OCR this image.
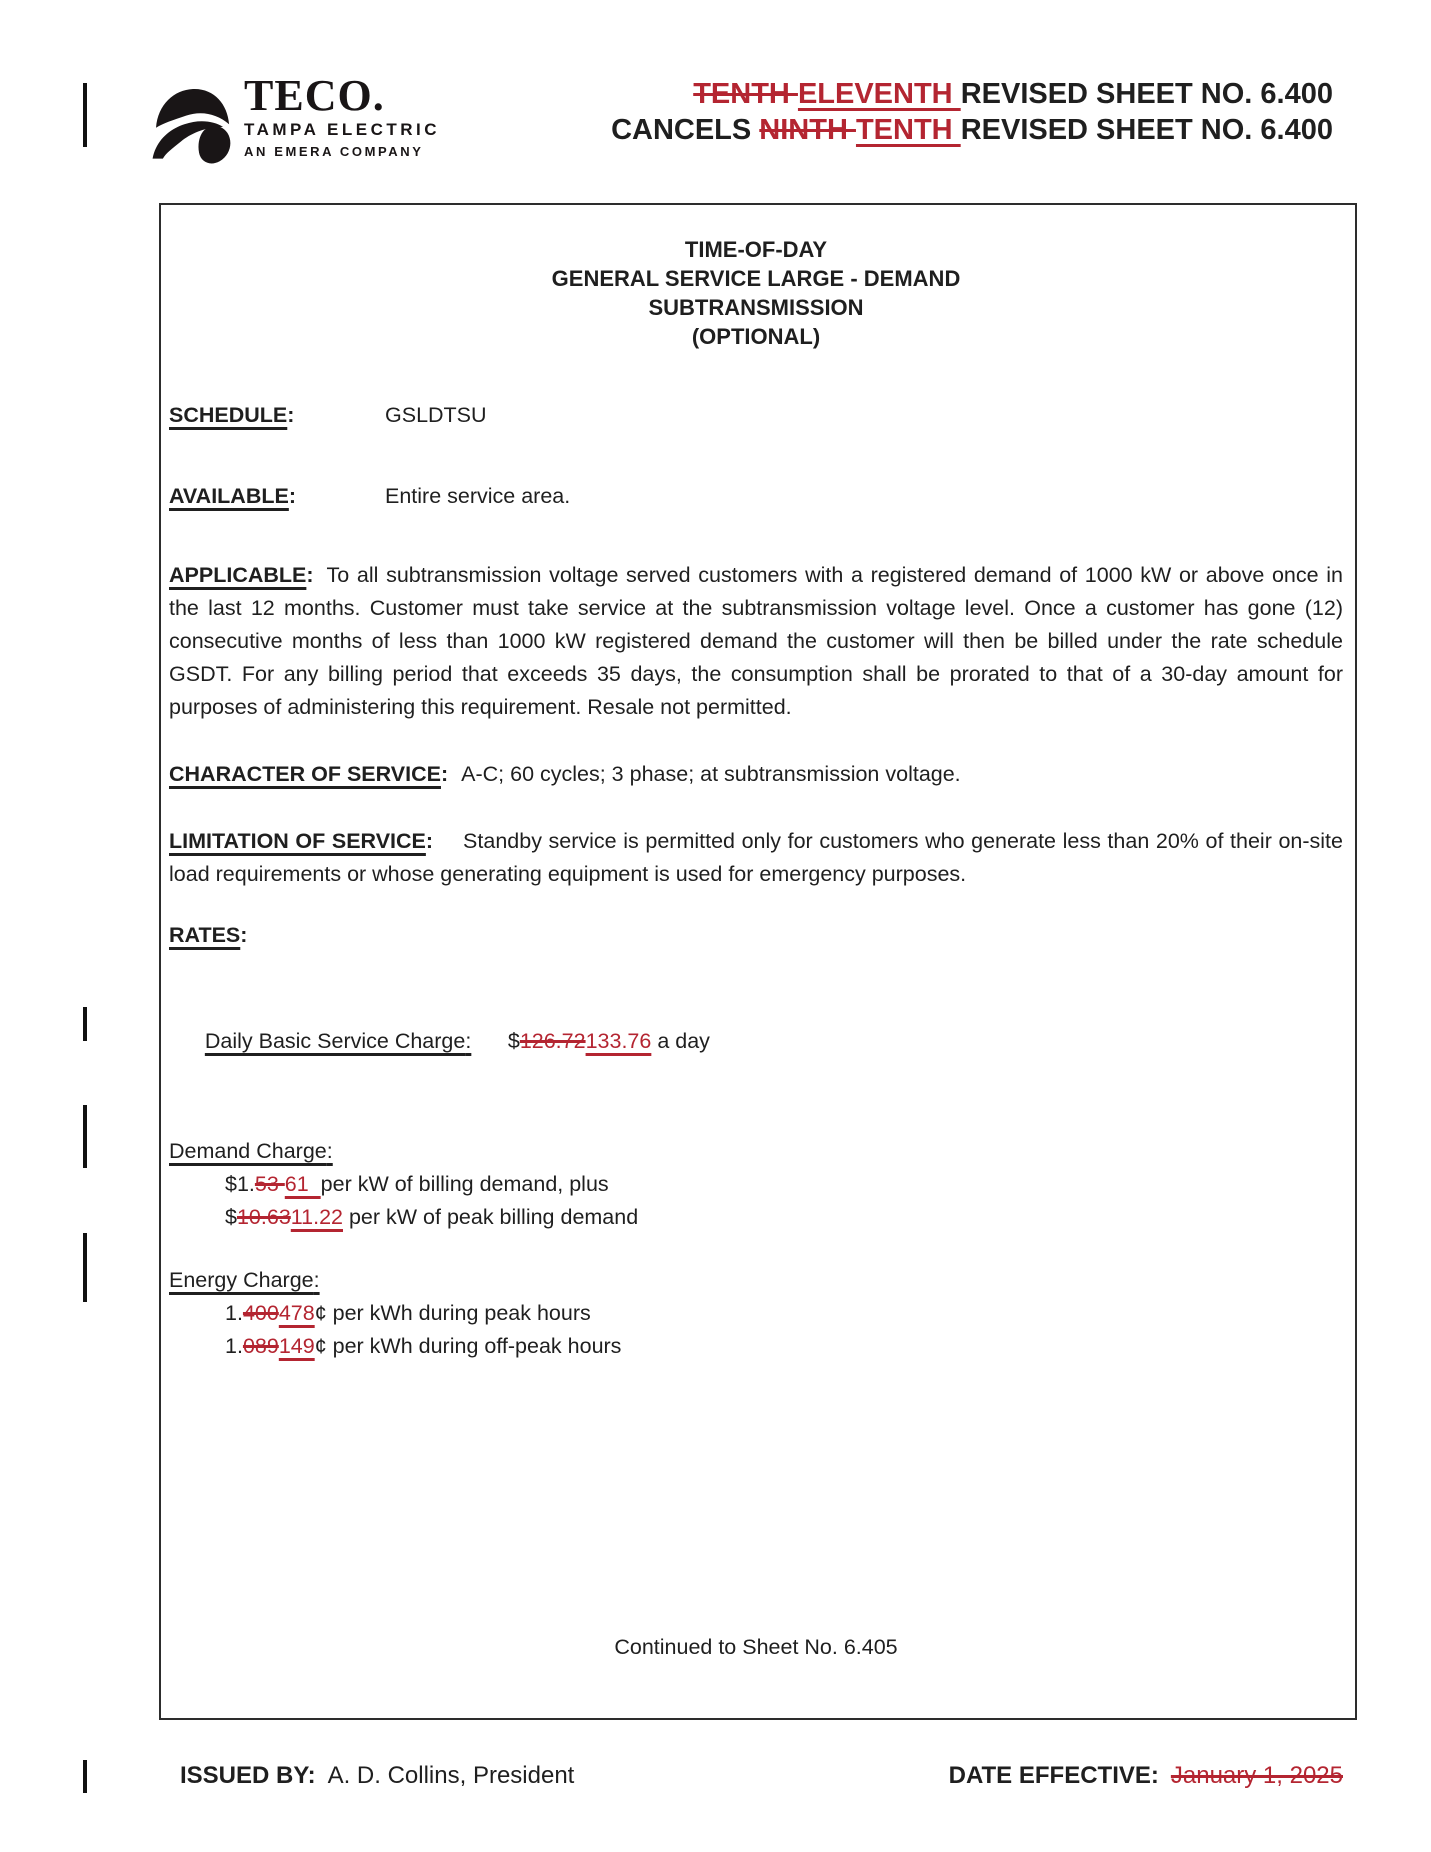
TECO.
TAMPA ELECTRIC
AN EMERA COMPANY
TENTH ELEVENTH REVISED SHEET NO. 6.400
CANCELS NINTH TENTH REVISED SHEET NO. 6.400
TIME-OF-DAY
GENERAL SERVICE LARGE - DEMAND
SUBTRANSMISSION
(OPTIONAL)
SCHEDULE:	GSLDTSU
AVAILABLE:	Entire service area.
APPLICABLE: To all subtransmission voltage served customers with a registered demand of 1000 kW or above once in the last 12 months. Customer must take service at the subtransmission voltage level. Once a customer has gone (12) consecutive months of less than 1000 kW registered demand the customer will then be billed under the rate schedule GSDT. For any billing period that exceeds 35 days, the consumption shall be prorated to that of a 30-day amount for purposes of administering this requirement. Resale not permitted.
CHARACTER OF SERVICE: A-C; 60 cycles; 3 phase; at subtransmission voltage.
LIMITATION OF SERVICE: Standby service is permitted only for customers who generate less than 20% of their on-site load requirements or whose generating equipment is used for emergency purposes.
RATES:

Daily Basic Service Charge: $126.72133.76 a day

Demand Charge:
$1.53 61  per kW of billing demand, plus
$10.6311.22 per kW of peak billing demand
Energy Charge:
1.400478¢ per kWh during peak hours
1.089149¢ per kWh during off-peak hours
Continued to Sheet No. 6.405
ISSUED BY: A. D. Collins, President	DATE EFFECTIVE: January 1, 2025
